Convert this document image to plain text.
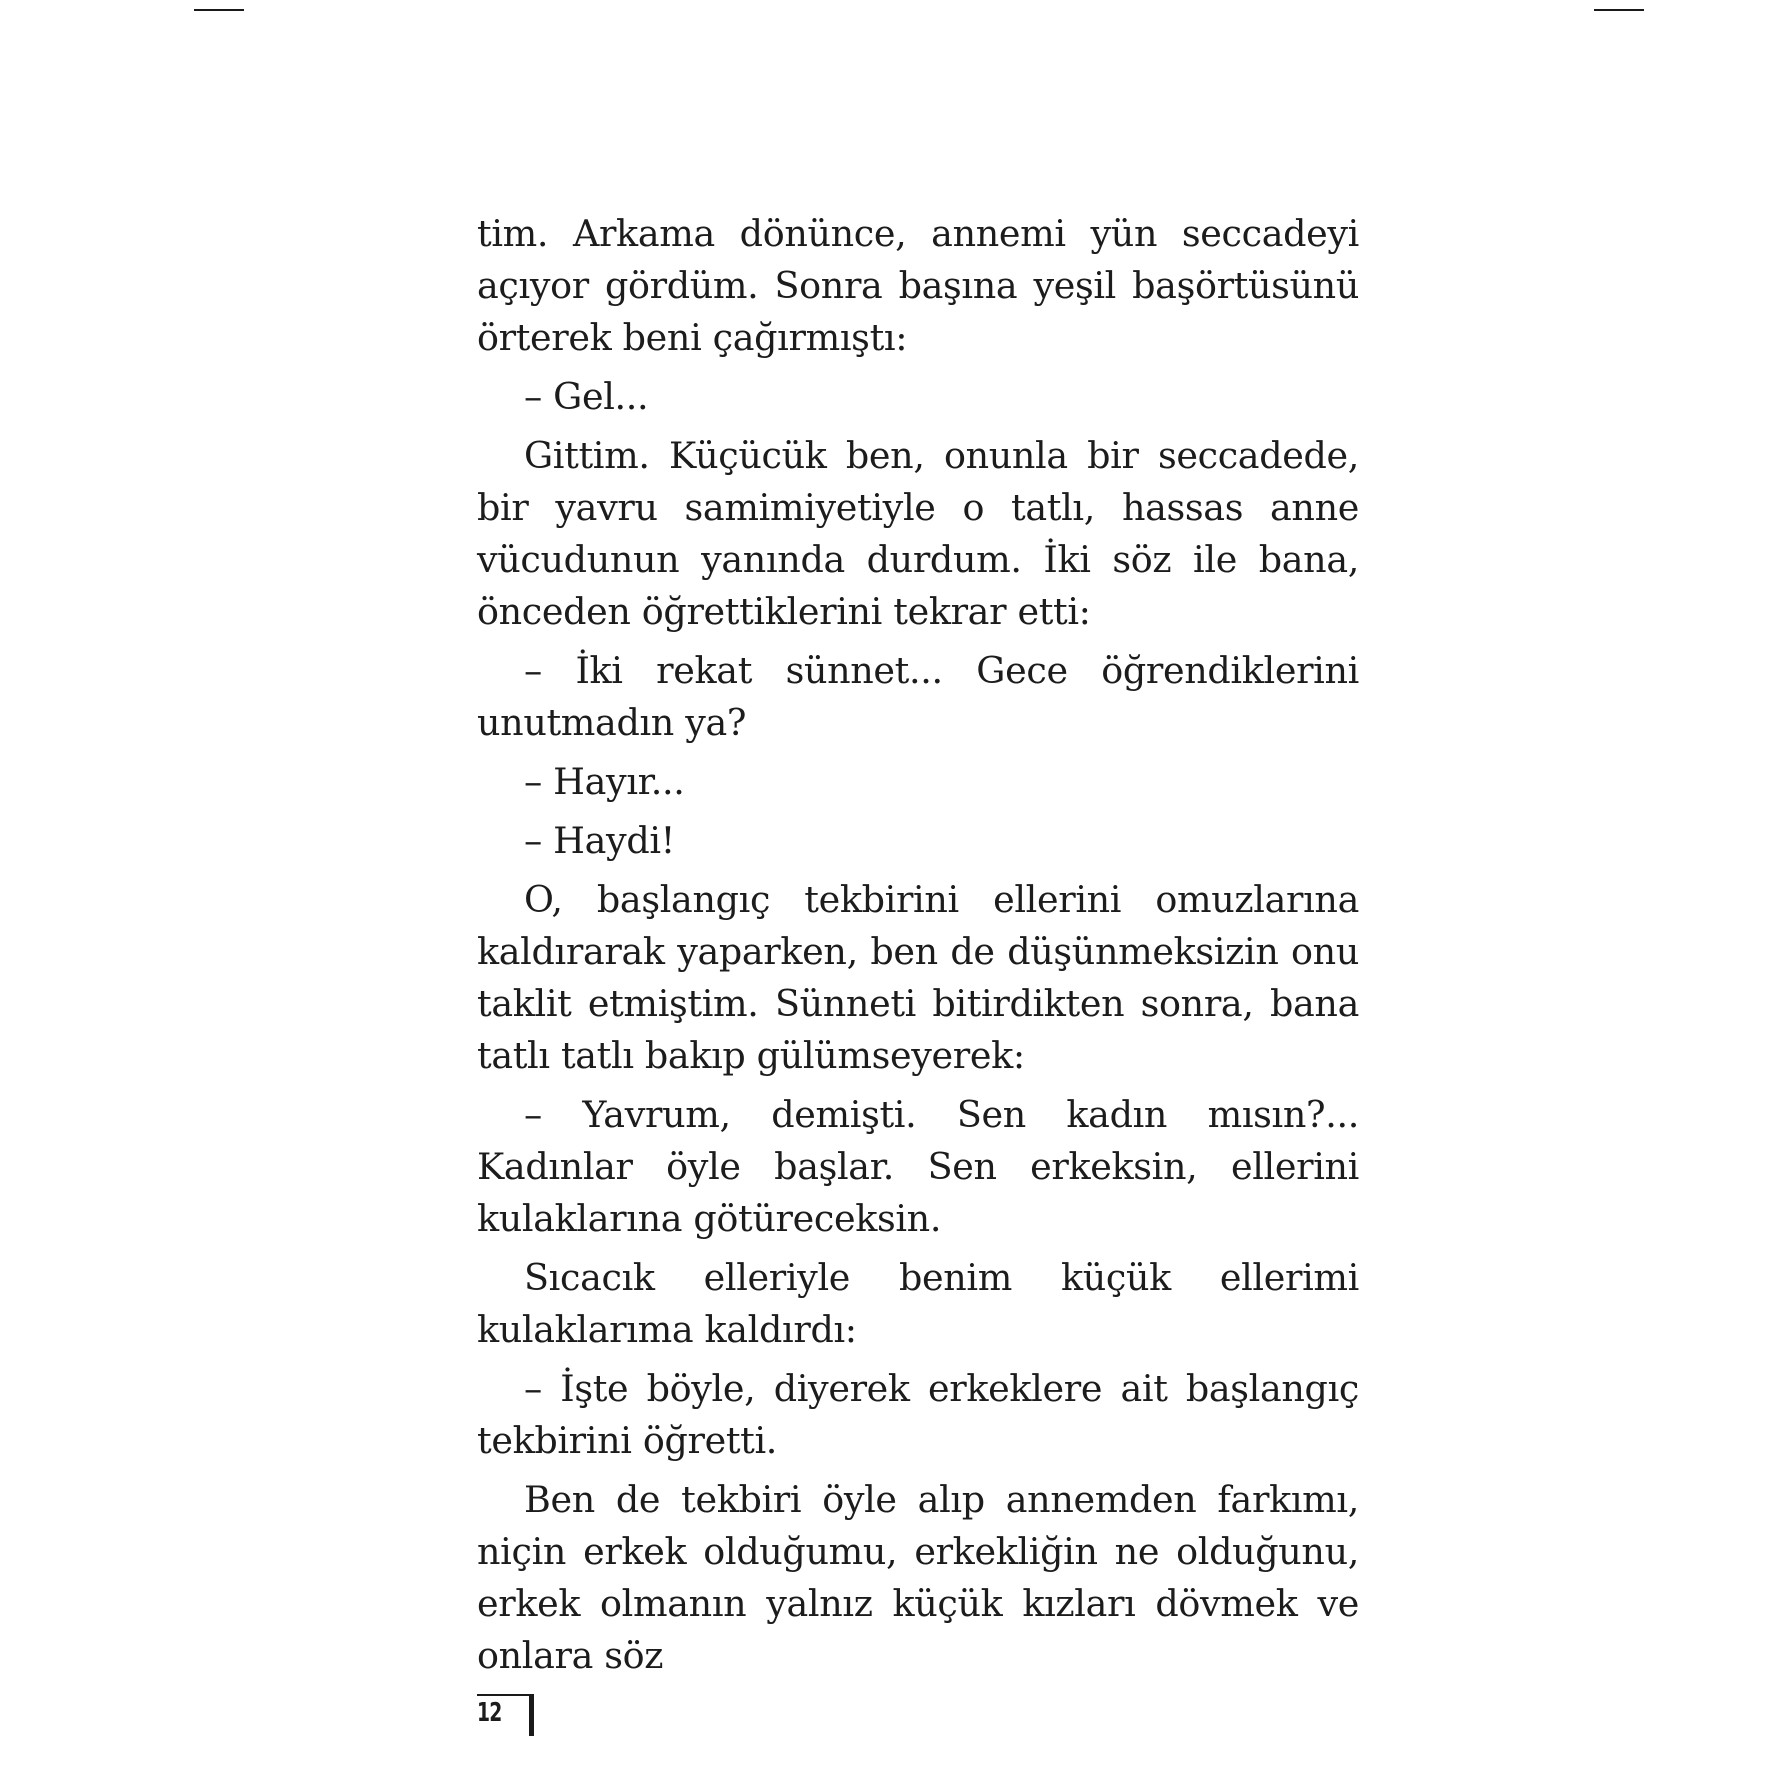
tim. Arkama dönünce, annemi yün seccadeyi açıyor gördüm. Sonra başına yeşil başörtüsünü örterek beni çağırmıştı:

– Gel...

Gittim. Küçücük ben, onunla bir seccadede, bir yavru samimiyetiyle o tatlı, hassas anne vücudunun yanında durdum. İki söz ile bana, önceden öğrettiklerini tekrar etti:

– İki rekat sünnet... Gece öğrendiklerini unutmadın ya?

– Hayır...

– Haydi!

O, başlangıç tekbirini ellerini omuzlarına kaldırarak yaparken, ben de düşünmeksizin onu taklit etmiştim. Sünneti bitirdikten sonra, bana tatlı tatlı bakıp gülümseyerek:

– Yavrum, demişti. Sen kadın mısın?... Kadınlar öyle başlar. Sen erkeksin, ellerini kulaklarına götüreceksin.

Sıcacık elleriyle benim küçük ellerimi kulaklarıma kaldırdı:

– İşte böyle, diyerek erkeklere ait başlangıç tekbirini öğretti.

Ben de tekbiri öyle alıp annemden farkımı, niçin erkek olduğumu, erkekliğin ne olduğunu, erkek olmanın yalnız küçük kızları dövmek ve onlara söz

12
